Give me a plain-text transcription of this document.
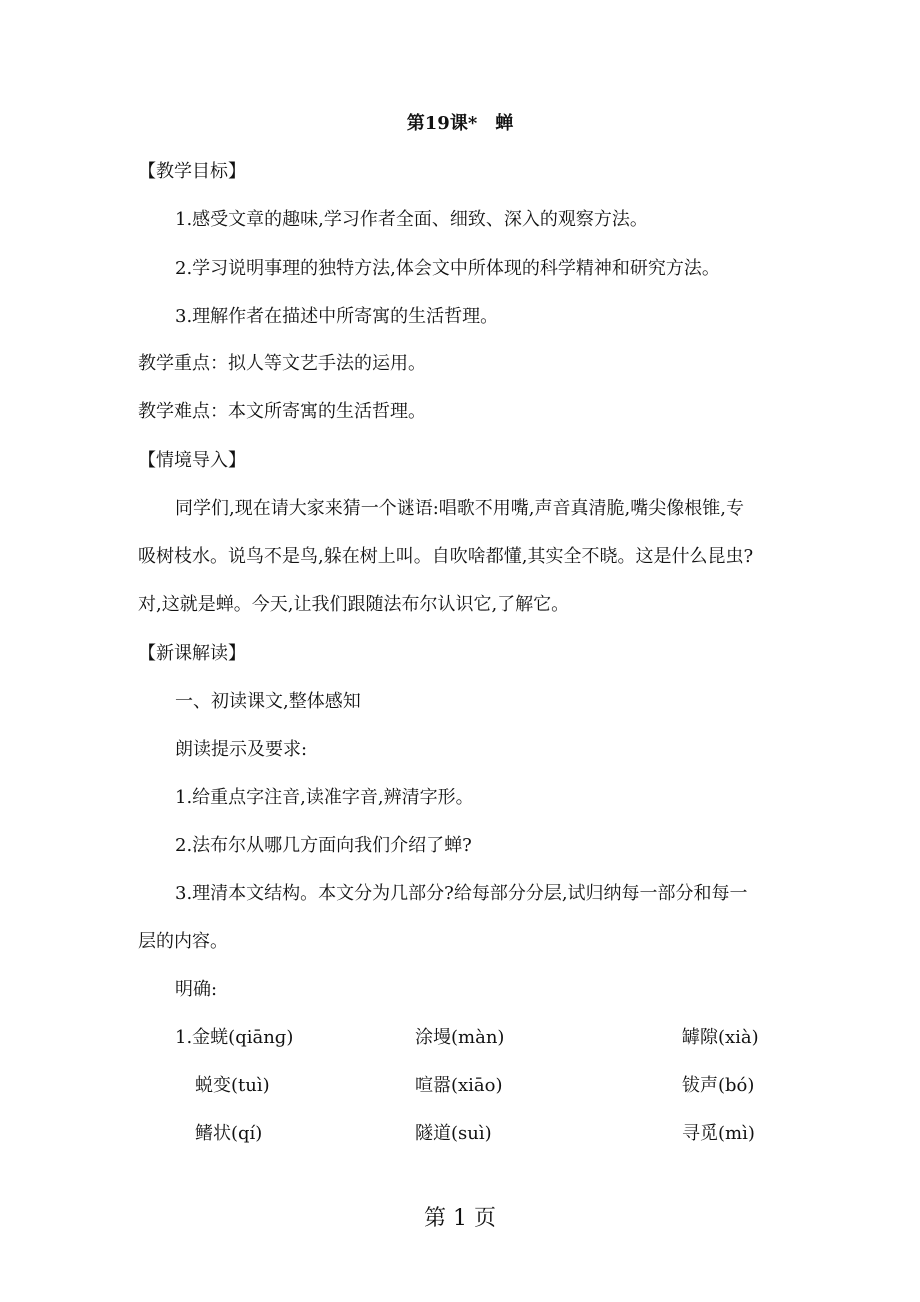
第19课*　蝉
【教学目标】
1.感受文章的趣味,学习作者全面、细致、深入的观察方法。
2.学习说明事理的独特方法,体会文中所体现的科学精神和研究方法。
3.理解作者在描述中所寄寓的生活哲理。
教学重点：拟人等文艺手法的运用。
教学难点：本文所寄寓的生活哲理。
【情境导入】
同学们,现在请大家来猜一个谜语:唱歌不用嘴,声音真清脆,嘴尖像根锥,专
吸树枝水。说鸟不是鸟,躲在树上叫。自吹啥都懂,其实全不晓。这是什么昆虫?
对,这就是蝉。今天,让我们跟随法布尔认识它,了解它。
【新课解读】
一、初读课文,整体感知
朗读提示及要求:
1.给重点字注音,读准字音,辨清字形。
2.法布尔从哪几方面向我们介绍了蝉?
3.理清本文结构。本文分为几部分?给每部分分层,试归纳每一部分和每一
层的内容。
明确:
1.金蜣(qiānɡ)	涂墁(màn)	罅隙(xià)
蜕变(tuì)	喧嚣(xiāo)	钹声(bó)
鳍状(qí)	隧道(suì)	寻觅(mì)
第 1 页
